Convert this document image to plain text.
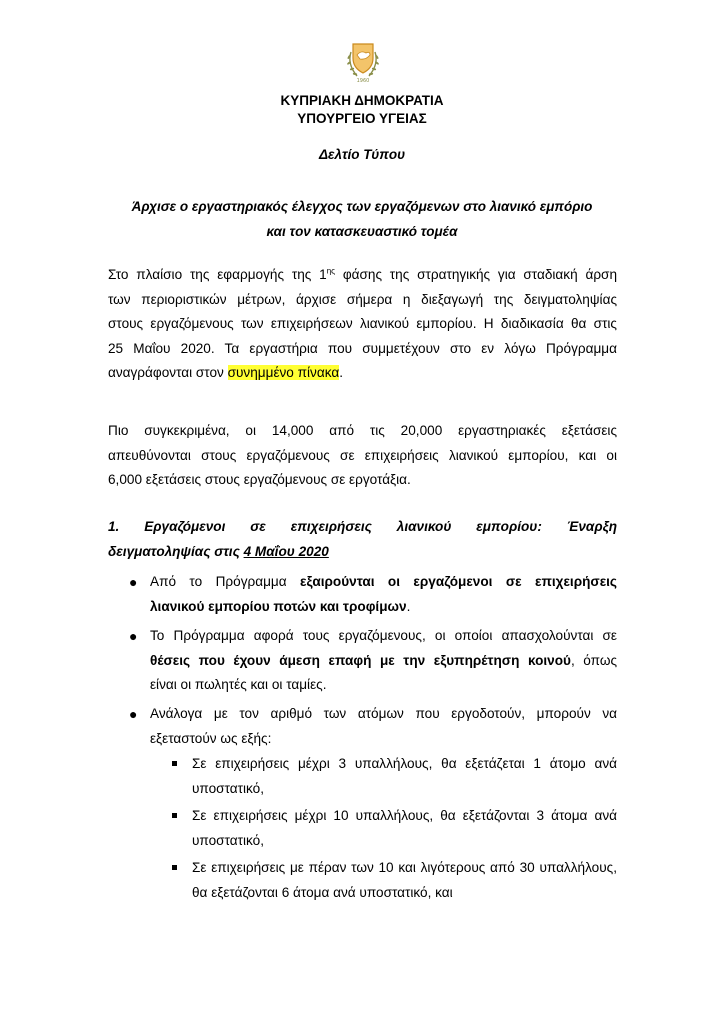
1960
ΚΥΠΡΙΑΚΗ ΔΗΜΟΚΡΑΤΙΑ
ΥΠΟΥΡΓΕΙΟ ΥΓΕΙΑΣ
Δελτίο Τύπου
Άρχισε ο εργαστηριακός έλεγχος των εργαζόμενων στο λιανικό εμπόριο
και τον κατασκευαστικό τομέα
Στο πλαίσιο της εφαρμογής της $1^{\eta\varsigma}$ φάσης της στρατηγικής για σταδιακή άρση
των περιοριστικών μέτρων, άρχισε σήμερα η διεξαγωγή της δειγματοληψίας
στους εργαζόμενους των επιχειρήσεων λιανικού εμπορίου. Η διαδικασία θα στις
25 Μαΐου 2020. Τα εργαστήρια που συμμετέχουν στο εν λόγω Πρόγραμμα
αναγράφονται στον συνημμένο πίνακα.
Πιο συγκεκριμένα, οι 14,000 από τις 20,000 εργαστηριακές εξετάσεις
απευθύνονται στους εργαζόμενους σε επιχειρήσεις λιανικού εμπορίου, και οι
6,000 εξετάσεις στους εργαζόμενους σε εργοτάξια.
1. Εργαζόμενοι σε επιχειρήσεις λιανικού εμπορίου: Έναρξη
δειγματοληψίας στις 4 Μαΐου 2020
● Από το Πρόγραμμα εξαιρούνται οι εργαζόμενοι σε επιχειρήσεις
λιανικού εμπορίου ποτών και τροφίμων.
● Το Πρόγραμμα αφορά τους εργαζόμενους, οι οποίοι απασχολούνται σε
θέσεις που έχουν άμεση επαφή με την εξυπηρέτηση κοινού, όπως
είναι οι πωλητές και οι ταμίες.
● Ανάλογα με τον αριθμό των ατόμων που εργοδοτούν, μπορούν να
εξεταστούν ως εξής:
Σε επιχειρήσεις μέχρι 3 υπαλλήλους, θα εξετάζεται 1 άτομο ανά
υποστατικό,
Σε επιχειρήσεις μέχρι 10 υπαλλήλους, θα εξετάζονται 3 άτομα ανά
υποστατικό,
Σε επιχειρήσεις με πέραν των 10 και λιγότερους από 30 υπαλλήλους,
θα εξετάζονται 6 άτομα ανά υποστατικό, και
